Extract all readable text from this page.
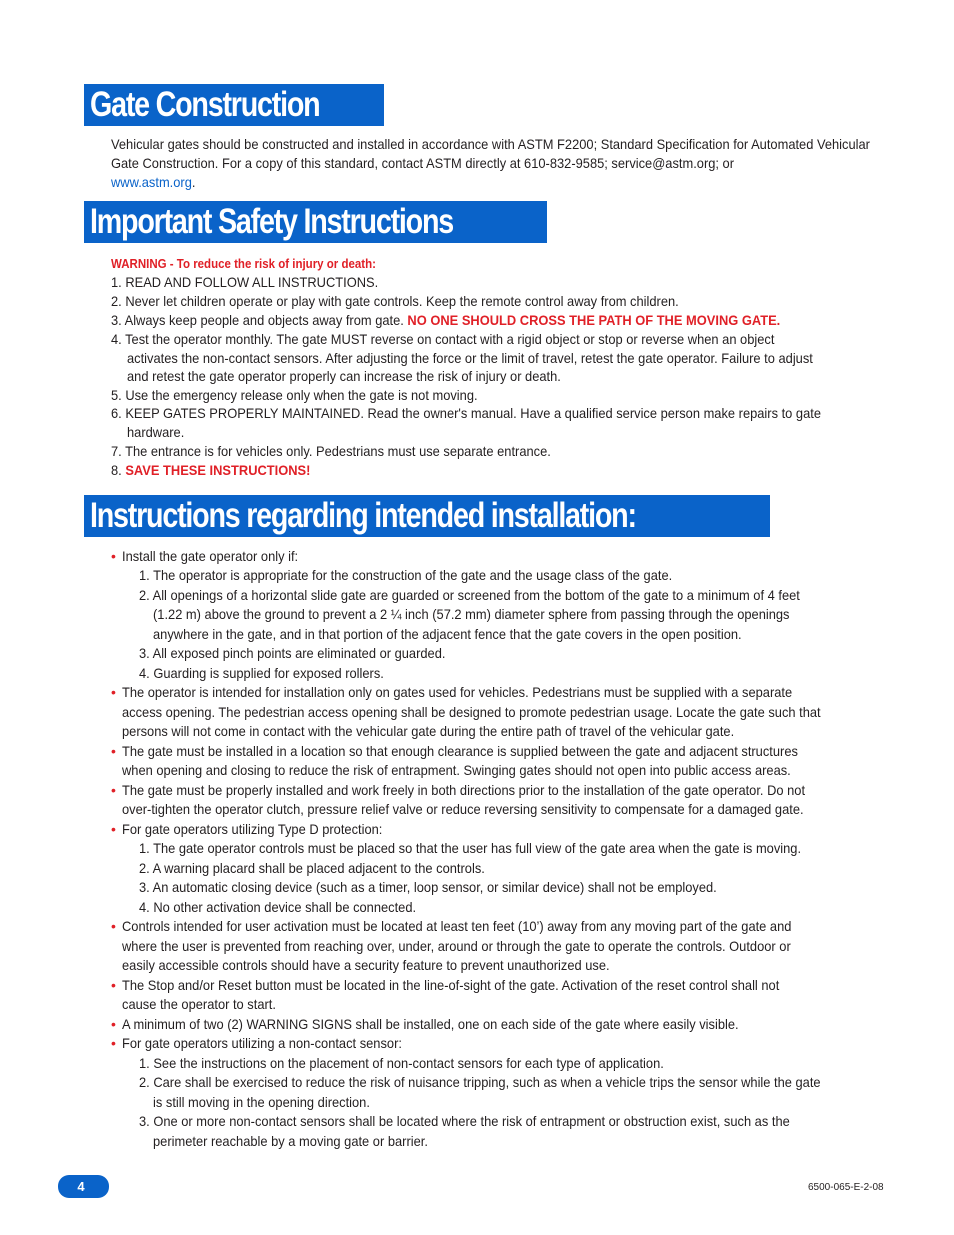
Gate Construction
Vehicular gates should be constructed and installed in accordance with ASTM F2200; Standard Specification for Automated Vehicular Gate Construction. For a copy of this standard, contact ASTM directly at 610-832-9585; service@astm.org; or
www.astm.org.
Important Safety Instructions
WARNING - To reduce the risk of injury or death:
1. READ AND FOLLOW ALL INSTRUCTIONS.
2. Never let children operate or play with gate controls. Keep the remote control away from children.
3. Always keep people and objects away from gate. NO ONE SHOULD CROSS THE PATH OF THE MOVING GATE.
4. Test the operator monthly. The gate MUST reverse on contact with a rigid object or stop or reverse when an object
activates the non-contact sensors. After adjusting the force or the limit of travel, retest the gate operator. Failure to adjust
and retest the gate operator properly can increase the risk of injury or death.
5. Use the emergency release only when the gate is not moving.
6. KEEP GATES PROPERLY MAINTAINED. Read the owner's manual. Have a qualified service person make repairs to gate
hardware.
7. The entrance is for vehicles only. Pedestrians must use separate entrance.
8. SAVE THESE INSTRUCTIONS!
Instructions regarding intended installation:
• Install the gate operator only if:
1. The operator is appropriate for the construction of the gate and the usage class of the gate.
2. All openings of a horizontal slide gate are guarded or screened from the bottom of the gate to a minimum of 4 feet
(1.22 m) above the ground to prevent a 2 ¼ inch (57.2 mm) diameter sphere from passing through the openings
anywhere in the gate, and in that portion of the adjacent fence that the gate covers in the open position.
3. All exposed pinch points are eliminated or guarded.
4. Guarding is supplied for exposed rollers.
• The operator is intended for installation only on gates used for vehicles. Pedestrians must be supplied with a separate
access opening. The pedestrian access opening shall be designed to promote pedestrian usage. Locate the gate such that
persons will not come in contact with the vehicular gate during the entire path of travel of the vehicular gate.
• The gate must be installed in a location so that enough clearance is supplied between the gate and adjacent structures
when opening and closing to reduce the risk of entrapment. Swinging gates should not open into public access areas.
• The gate must be properly installed and work freely in both directions prior to the installation of the gate operator. Do not
over-tighten the operator clutch, pressure relief valve or reduce reversing sensitivity to compensate for a damaged gate.
• For gate operators utilizing Type D protection:
1. The gate operator controls must be placed so that the user has full view of the gate area when the gate is moving.
2. A warning placard shall be placed adjacent to the controls.
3. An automatic closing device (such as a timer, loop sensor, or similar device) shall not be employed.
4. No other activation device shall be connected.
• Controls intended for user activation must be located at least ten feet (10’) away from any moving part of the gate and
where the user is prevented from reaching over, under, around or through the gate to operate the controls. Outdoor or
easily accessible controls should have a security feature to prevent unauthorized use.
• The Stop and/or Reset button must be located in the line-of-sight of the gate. Activation of the reset control shall not
cause the operator to start.
• A minimum of two (2) WARNING SIGNS shall be installed, one on each side of the gate where easily visible.
• For gate operators utilizing a non-contact sensor:
1. See the instructions on the placement of non-contact sensors for each type of application.
2. Care shall be exercised to reduce the risk of nuisance tripping, such as when a vehicle trips the sensor while the gate
is still moving in the opening direction.
3. One or more non-contact sensors shall be located where the risk of entrapment or obstruction exist, such as the
perimeter reachable by a moving gate or barrier.
4	6500-065-E-2-08
